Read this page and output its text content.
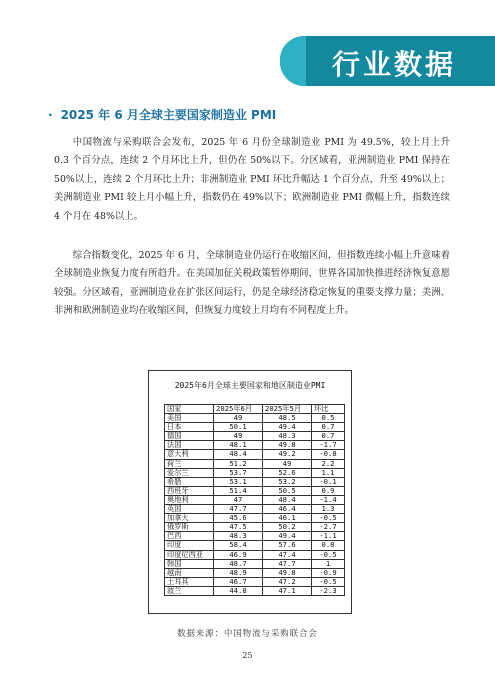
行业数据
· 2025 年 6 月全球主要国家制造业 PMI

中国物流与采购联合会发布，2025 年 6 月份全球制造业 PMI 为 49.5%，较上月上升 0.3 个百分点，连续 2 个月环比上升，但仍在 50%以下。分区域看，亚洲制造业 PMI 保持在 50%以上，连续 2 个月环比上升；非洲制造业 PMI 环比升幅达 1 个百分点，升至 49%以上；美洲制造业 PMI 较上月小幅上升，指数仍在 49%以下；欧洲制造业 PMI 微幅上升，指数连续 4 个月在 48%以上。

综合指数变化，2025 年 6 月，全球制造业仍运行在收缩区间，但指数连续小幅上升意味着全球制造业恢复力度有所趋升。在美国加征关税政策暂停期间，世界各国加快推进经济恢复意愿较强。分区域看，亚洲制造业在扩张区间运行，仍是全球经济稳定恢复的重要支撑力量；美洲、非洲和欧洲制造业均在收缩区间，但恢复力度较上月均有不同程度上升。

2025年6月全球主要国家和地区制造业PMI
国家	2025年6月	2025年5月	环比
美国	49	48.5	0.5
日本	50.1	49.4	0.7
德国	49	48.3	0.7
法国	48.1	49.8	-1.7
意大利	48.4	49.2	-0.8
荷兰	51.2	49	2.2
爱尔兰	53.7	52.6	1.1
希腊	53.1	53.2	-0.1
西班牙	51.4	50.5	0.9
奥地利	47	48.4	-1.4
英国	47.7	46.4	1.3
加拿大	45.6	46.1	-0.5
俄罗斯	47.5	50.2	-2.7
巴西	48.3	49.4	-1.1
印度	58.4	57.6	0.8
印度尼西亚	46.9	47.4	-0.5
韩国	48.7	47.7	1
越南	48.9	49.8	-0.9
土耳其	46.7	47.2	-0.5
波兰	44.8	47.1	-2.3
数据来源：中国物流与采购联合会
25
